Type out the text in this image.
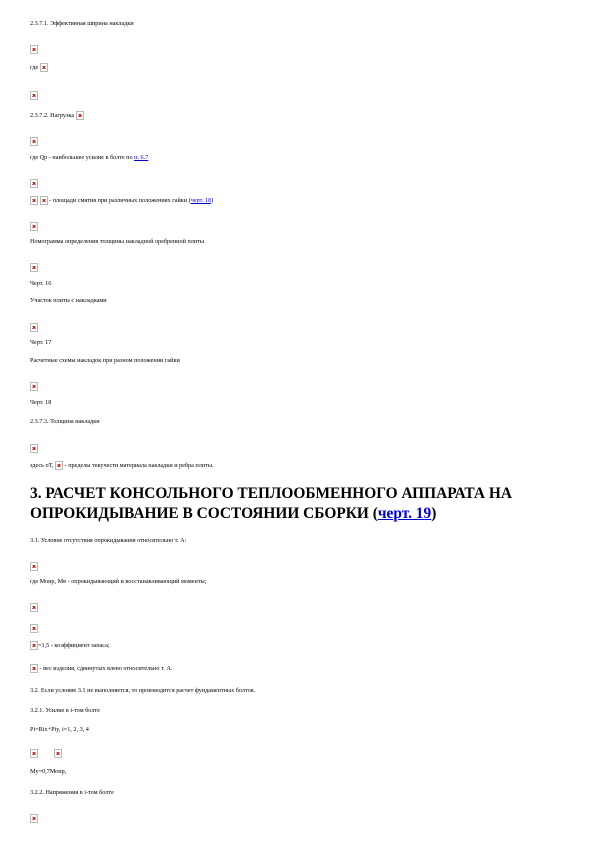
2.3.7.1. Эффективная ширина накладки
где
2.3.7.2. Нагрузка
где Qp - наибольшее усилие в болте по п. 6.7
- площади смятия при различных положениях гайки (черт. 18)
Номограмма определения толщины накладной оребренной плиты
Черт. 16
Участок плиты с накладками
Черт. 17
Расчетные схемы накладок при разном положении гайки
Черт. 18
2.3.7.3. Толщина накладки
здесь σТ, - пределы текучести материала накладки и ребра плиты.
3. РАСЧЕТ КОНСОЛЬНОГО ТЕПЛООБМЕННОГО АППАРАТА НА ОПРОКИДЫВАНИЕ В СОСТОЯНИИ СБОРКИ (черт. 19)
3.1. Условие отсутствия опрокидывания относительно т. А:
где Монр, Мв - опрокидывающий и восстанавливающий моменты;
=1,5 - коэффициент запаса;
- вес изделия, сдвинутых влево относительно т. А.
3.2. Если условие 3.1 не выполняется, то производится расчет фундаментных болтов.
3.2.1. Усилие в i-том болте
Pi=Rix+Piy, i=1, 2, 3, 4

My=0,7Монр,
3.2.2. Напряжения в i-том болте
